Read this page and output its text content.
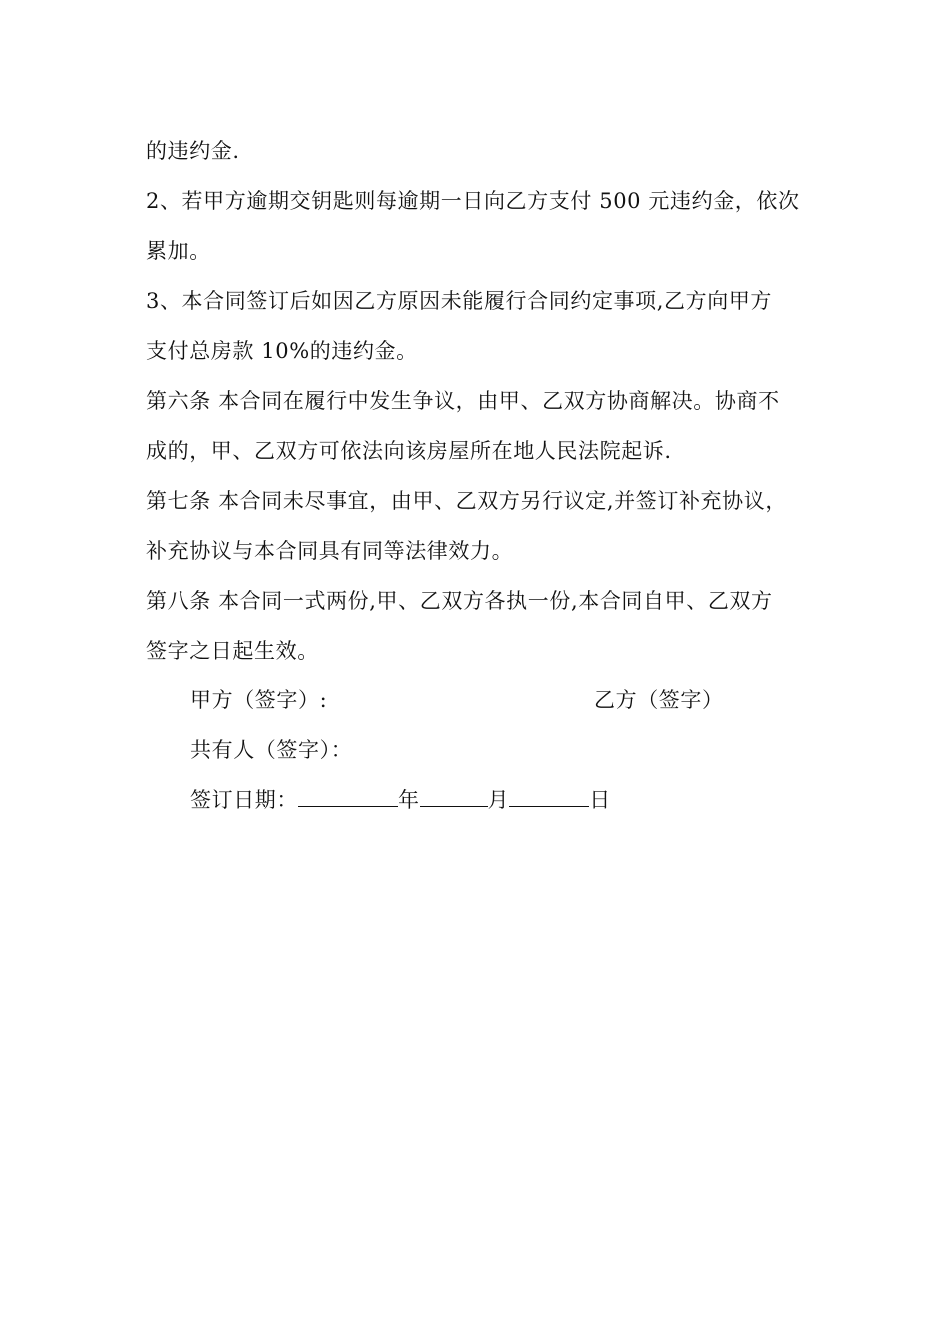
的违约金.
2、若甲方逾期交钥匙则每逾期一日向乙方支付 500 元违约金，依次
累加。
3、本合同签订后如因乙方原因未能履行合同约定事项,乙方向甲方
支付总房款 10%的违约金。
第六条 本合同在履行中发生争议，由甲、乙双方协商解决。协商不
成的，甲、乙双方可依法向该房屋所在地人民法院起诉.
第七条 本合同未尽事宜，由甲、乙双方另行议定,并签订补充协议，
补充协议与本合同具有同等法律效力。
第八条 本合同一式两份,甲、乙双方各执一份,本合同自甲、乙双方
签字之日起生效。
甲方（签字）:	乙方（签字）
共有人（签字）：
签订日期：	年	月	日
